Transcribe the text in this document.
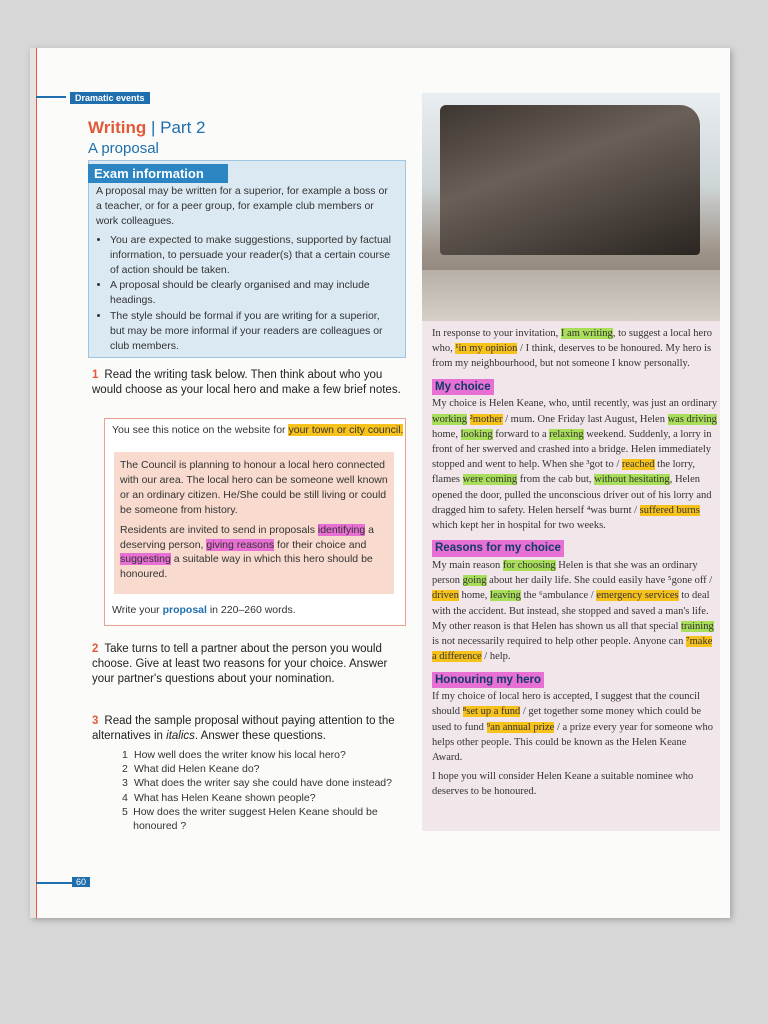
Dramatic events
Writing | Part 2
A proposal
Exam information
A proposal may be written for a superior, for example a boss or a teacher, or for a peer group, for example club members or work colleagues.
• You are expected to make suggestions, supported by factual information, to persuade your reader(s) that a certain course of action should be taken.
• A proposal should be clearly organised and may include headings.
• The style should be formal if you are writing for a superior, but may be more informal if your readers are colleagues or club members.
1 Read the writing task below. Then think about who you would choose as your local hero and make a few brief notes.
You see this notice on the website for your town or city council.

The Council is planning to honour a local hero connected with our area. The local hero can be someone well known or an ordinary citizen. He/She could be still living or could be someone from history.

Residents are invited to send in proposals identifying a deserving person, giving reasons for their choice and suggesting a suitable way in which this hero should be honoured.

Write your proposal in 220–260 words.
2 Take turns to tell a partner about the person you would choose. Give at least two reasons for your choice. Answer your partner's questions about your nomination.
3 Read the sample proposal without paying attention to the alternatives in italics. Answer these questions.
1 How well does the writer know his local hero?
2 What did Helen Keane do?
3 What does the writer say she could have done instead?
4 What has Helen Keane shown people?
5 How does the writer suggest Helen Keane should be honoured ?

In response to your invitation, I am writing, to suggest a local hero who, ¹in my opinion / I think, deserves to be honoured. My hero is from my neighbourhood, but not someone I know personally.

My choice

My choice is Helen Keane, who, until recently, was just an ordinary working ²mother / mum. One Friday last August, Helen was driving home, looking forward to a relaxing weekend. Suddenly, a lorry in front of her swerved and crashed into a bridge. Helen immediately stopped and went to help. When she ³got to / reached the lorry, flames were coming from the cab but, without hesitating, Helen opened the door, pulled the unconscious driver out of his lorry and dragged him to safety. Helen herself ⁴was burnt / suffered burns which kept her in hospital for two weeks.

Reasons for my choice

My main reason for choosing Helen is that she was an ordinary person going about her daily life. She could easily have ⁵gone off / driven home, leaving the ⁶ambulance / emergency services to deal with the accident. But instead, she stopped and saved a man's life. My other reason is that Helen has shown us all that special training is not necessarily required to help other people. Anyone can ⁷make a difference / help.

Honouring my hero

If my choice of local hero is accepted, I suggest that the council should ⁸set up a fund / get together some money which could be used to fund ⁹an annual prize / a prize every year for someone who helps other people. This could be known as the Helen Keane Award.

I hope you will consider Helen Keane a suitable nominee who deserves to be honoured.

60
